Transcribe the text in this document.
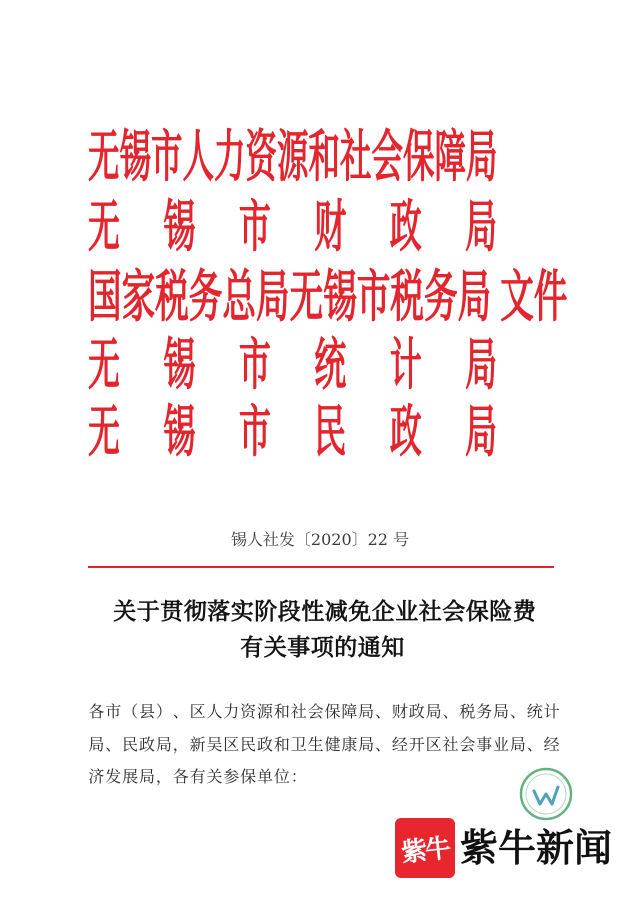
无锡市人力资源和社会保障局
无 锡 市 财 政 局
国家税务总局无锡市税务局 文件
无 锡 市 统 计 局
无 锡 市 民 政 局
锡人社发〔2020〕22 号
关于贯彻落实阶段性减免企业社会保险费
有关事项的通知
各市（县）、区人力资源和社会保障局、财政局、税务局、统计
局、民政局，新吴区民政和卫生健康局、经开区社会事业局、经
济发展局，各有关参保单位：
紫牛 紫牛新闻
